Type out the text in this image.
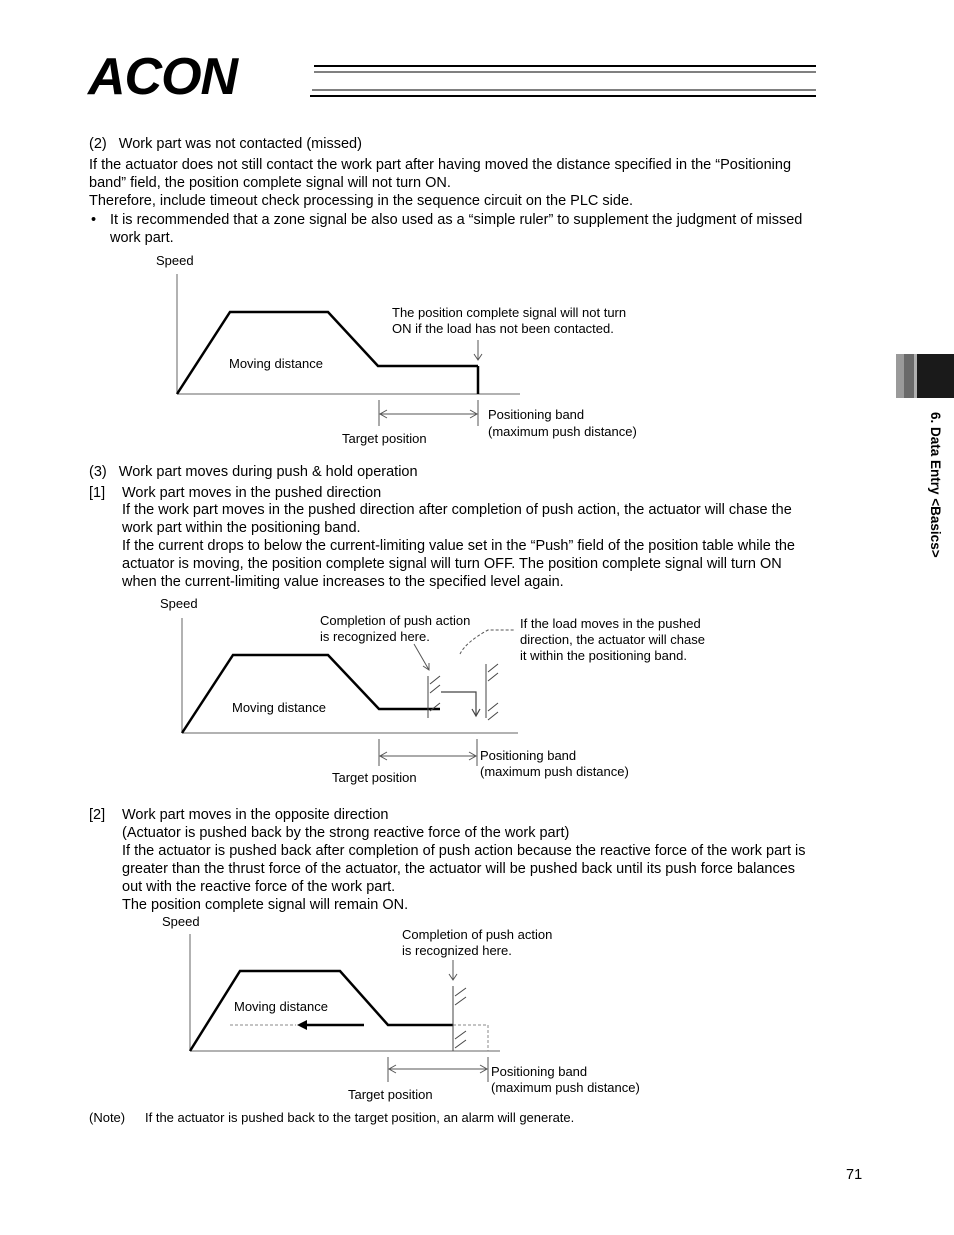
ACON
6. Data Entry <Basics>
(2)   Work part was not contacted (missed)
If the actuator does not still contact the work part after having moved the distance specified in the “Positioning
band” field, the position complete signal will not turn ON.
Therefore, include timeout check processing in the sequence circuit on the PLC side.
• It is recommended that a zone signal be also used as a “simple ruler” to supplement the judgment of missed
work part.
Speed
Moving distance
The position complete signal will not turn
ON if the load has not been contacted.
Target position
Positioning band
(maximum push distance)
(3)   Work part moves during push & hold operation
[1] Work part moves in the pushed direction
If the work part moves in the pushed direction after completion of push action, the actuator will chase the
work part within the positioning band.
If the current drops to below the current-limiting value set in the “Push” field of the position table while the
actuator is moving, the position complete signal will turn OFF. The position complete signal will turn ON
when the current-limiting value increases to the specified level again.
Speed
Moving distance
Completion of push action
is recognized here.
If the load moves in the pushed
direction, the actuator will chase
it within the positioning band.
Target position
Positioning band
(maximum push distance)
[2] Work part moves in the opposite direction
(Actuator is pushed back by the strong reactive force of the work part)
If the actuator is pushed back after completion of push action because the reactive force of the work part is
greater than the thrust force of the actuator, the actuator will be pushed back until its push force balances
out with the reactive force of the work part.
The position complete signal will remain ON.
Speed
Moving distance
Completion of push action
is recognized here.
Target position
Positioning band
(maximum push distance)
(Note) If the actuator is pushed back to the target position, an alarm will generate.
71
